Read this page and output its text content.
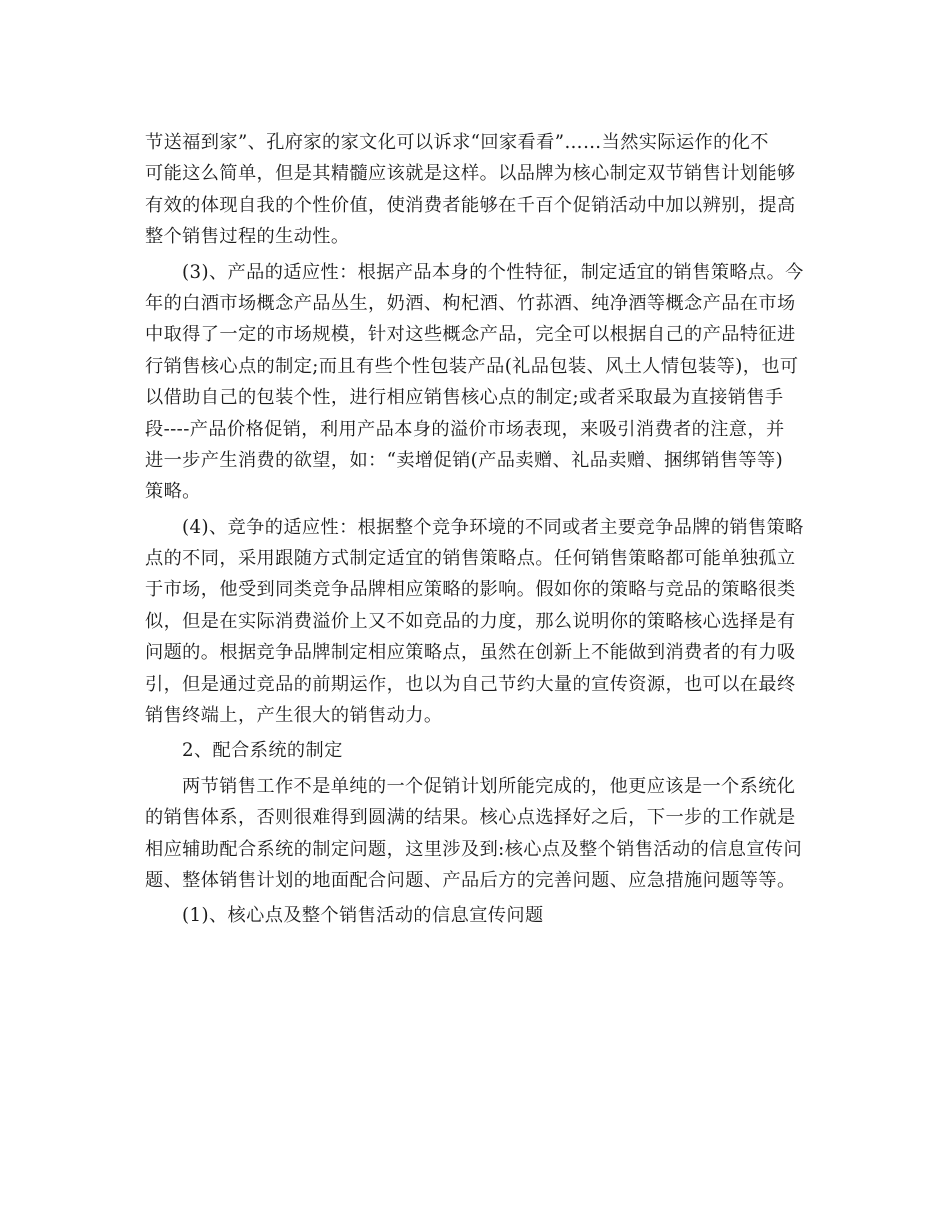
节送福到家”、孔府家的家文化可以诉求“回家看看”……当然实际运作的化不
可能这么简单，但是其精髓应该就是这样。以品牌为核心制定双节销售计划能够
有效的体现自我的个性价值，使消费者能够在千百个促销活动中加以辨别，提高
整个销售过程的生动性。
(3)、产品的适应性：根据产品本身的个性特征，制定适宜的销售策略点。今
年的白酒市场概念产品丛生，奶酒、枸杞酒、竹荪酒、纯净酒等概念产品在市场
中取得了一定的市场规模，针对这些概念产品，完全可以根据自己的产品特征进
行销售核心点的制定;而且有些个性包装产品(礼品包装、风土人情包装等)，也可
以借助自己的包装个性，进行相应销售核心点的制定;或者采取最为直接销售手
段----产品价格促销，利用产品本身的溢价市场表现，来吸引消费者的注意，并
进一步产生消费的欲望，如：“卖增促销(产品卖赠、礼品卖赠、捆绑销售等等)
策略。
(4)、竞争的适应性：根据整个竞争环境的不同或者主要竞争品牌的销售策略
点的不同，采用跟随方式制定适宜的销售策略点。任何销售策略都可能单独孤立
于市场，他受到同类竞争品牌相应策略的影响。假如你的策略与竞品的策略很类
似，但是在实际消费溢价上又不如竞品的力度，那么说明你的策略核心选择是有
问题的。根据竞争品牌制定相应策略点，虽然在创新上不能做到消费者的有力吸
引，但是通过竞品的前期运作，也以为自己节约大量的宣传资源，也可以在最终
销售终端上，产生很大的销售动力。
2、配合系统的制定
两节销售工作不是单纯的一个促销计划所能完成的，他更应该是一个系统化
的销售体系，否则很难得到圆满的结果。核心点选择好之后，下一步的工作就是
相应辅助配合系统的制定问题，这里涉及到:核心点及整个销售活动的信息宣传问
题、整体销售计划的地面配合问题、产品后方的完善问题、应急措施问题等等。
(1)、核心点及整个销售活动的信息宣传问题
